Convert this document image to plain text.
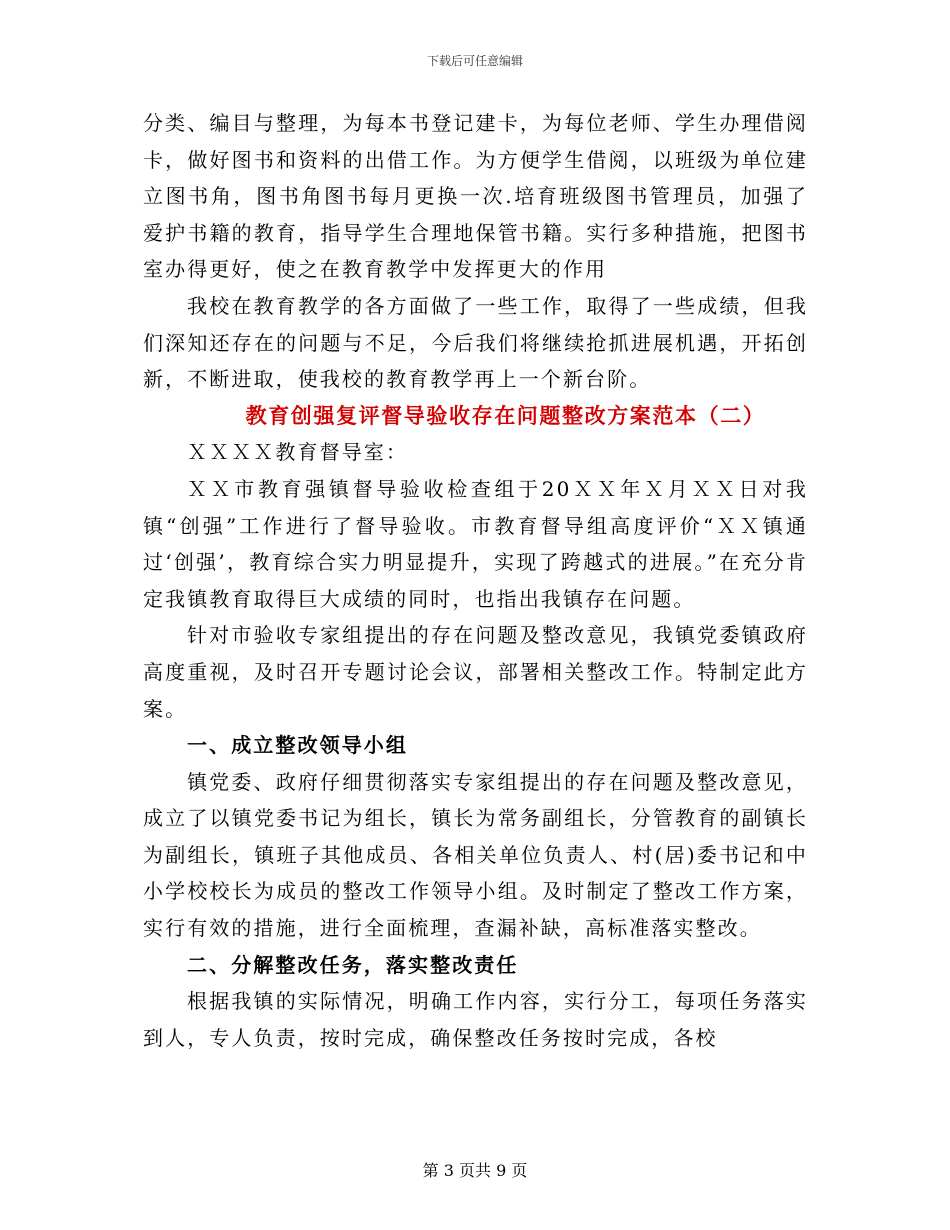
下载后可任意编辑

分类、编目与整理，为每本书登记建卡，为每位老师、学生办理借阅卡，做好图书和资料的出借工作。为方便学生借阅，以班级为单位建立图书角，图书角图书每月更换一次.培育班级图书管理员，加强了爱护书籍的教育，指导学生合理地保管书籍。实行多种措施，把图书室办得更好，使之在教育教学中发挥更大的作用

我校在教育教学的各方面做了一些工作，取得了一些成绩，但我们深知还存在的问题与不足，今后我们将继续抢抓进展机遇，开拓创新，不断进取，使我校的教育教学再上一个新台阶。

教育创强复评督导验收存在问题整改方案范本（二）

ＸＸＸＸ教育督导室：

ＸＸ市教育强镇督导验收检查组于20ＸＸ年Ｘ月ＸＸ日对我镇“创强”工作进行了督导验收。市教育督导组高度评价“ＸＸ镇通过‘创强’，教育综合实力明显提升，实现了跨越式的进展。”在充分肯定我镇教育取得巨大成绩的同时，也指出我镇存在问题。

针对市验收专家组提出的存在问题及整改意见，我镇党委镇政府高度重视，及时召开专题讨论会议，部署相关整改工作。特制定此方案。

一、成立整改领导小组

镇党委、政府仔细贯彻落实专家组提出的存在问题及整改意见，成立了以镇党委书记为组长，镇长为常务副组长，分管教育的副镇长为副组长，镇班子其他成员、各相关单位负责人、村(居)委书记和中小学校校长为成员的整改工作领导小组。及时制定了整改工作方案，实行有效的措施，进行全面梳理，查漏补缺，高标准落实整改。

二、分解整改任务，落实整改责任

根据我镇的实际情况，明确工作内容，实行分工，每项任务落实到人，专人负责，按时完成，确保整改任务按时完成，各校

第 3 页共 9 页
